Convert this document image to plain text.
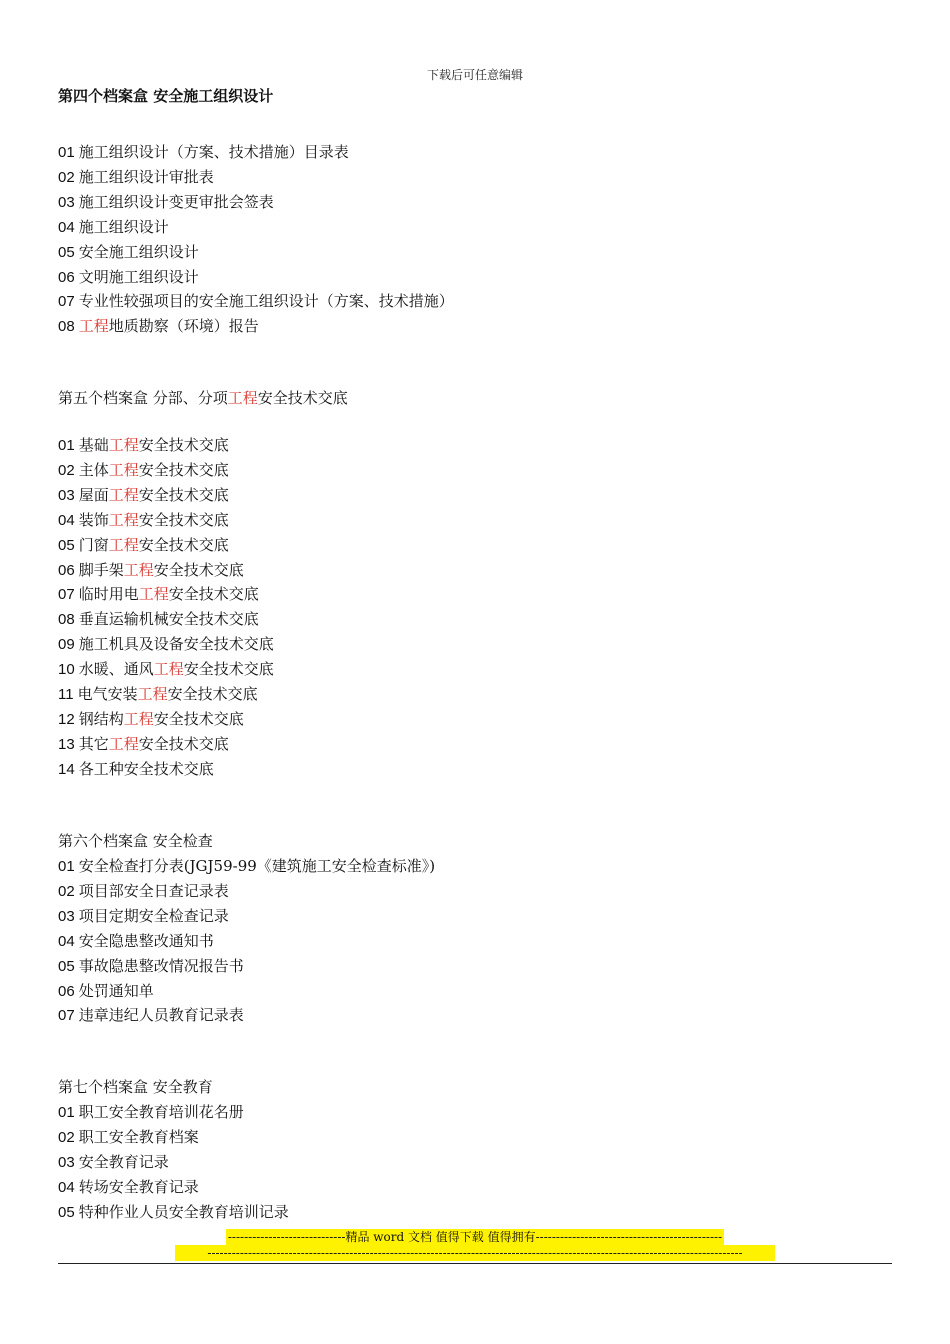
下载后可任意编辑
第四个档案盒 安全施工组织设计
01 施工组织设计（方案、技术措施）目录表
02 施工组织设计审批表
03 施工组织设计变更审批会签表
04 施工组织设计
05 安全施工组织设计
06 文明施工组织设计
07 专业性较强项目的安全施工组织设计（方案、技术措施）
08 工程地质勘察（环境）报告
第五个档案盒 分部、分项工程安全技术交底
01 基础工程安全技术交底
02 主体工程安全技术交底
03 屋面工程安全技术交底
04 装饰工程安全技术交底
05 门窗工程安全技术交底
06 脚手架工程安全技术交底
07 临时用电工程安全技术交底
08 垂直运输机械安全技术交底
09 施工机具及设备安全技术交底
10 水暖、通风工程安全技术交底
11 电气安装工程安全技术交底
12 钢结构工程安全技术交底
13 其它工程安全技术交底
14 各工种安全技术交底
第六个档案盒 安全检查
01 安全检查打分表(JGJ59-99《建筑施工安全检查标准》)
02 项目部安全日查记录表
03 项目定期安全检查记录
04 安全隐患整改通知书
05 事故隐患整改情况报告书
06 处罚通知单
07 违章违纪人员教育记录表
第七个档案盒 安全教育
01 职工安全教育培训花名册
02 职工安全教育档案
03 安全教育记录
04 转场安全教育记录
05 特种作业人员安全教育培训记录
-----------------------------精品 word 文档 值得下载 值得拥有----------------------------------------------
------------------------------------------------------------------------------------------------------------------------------------
